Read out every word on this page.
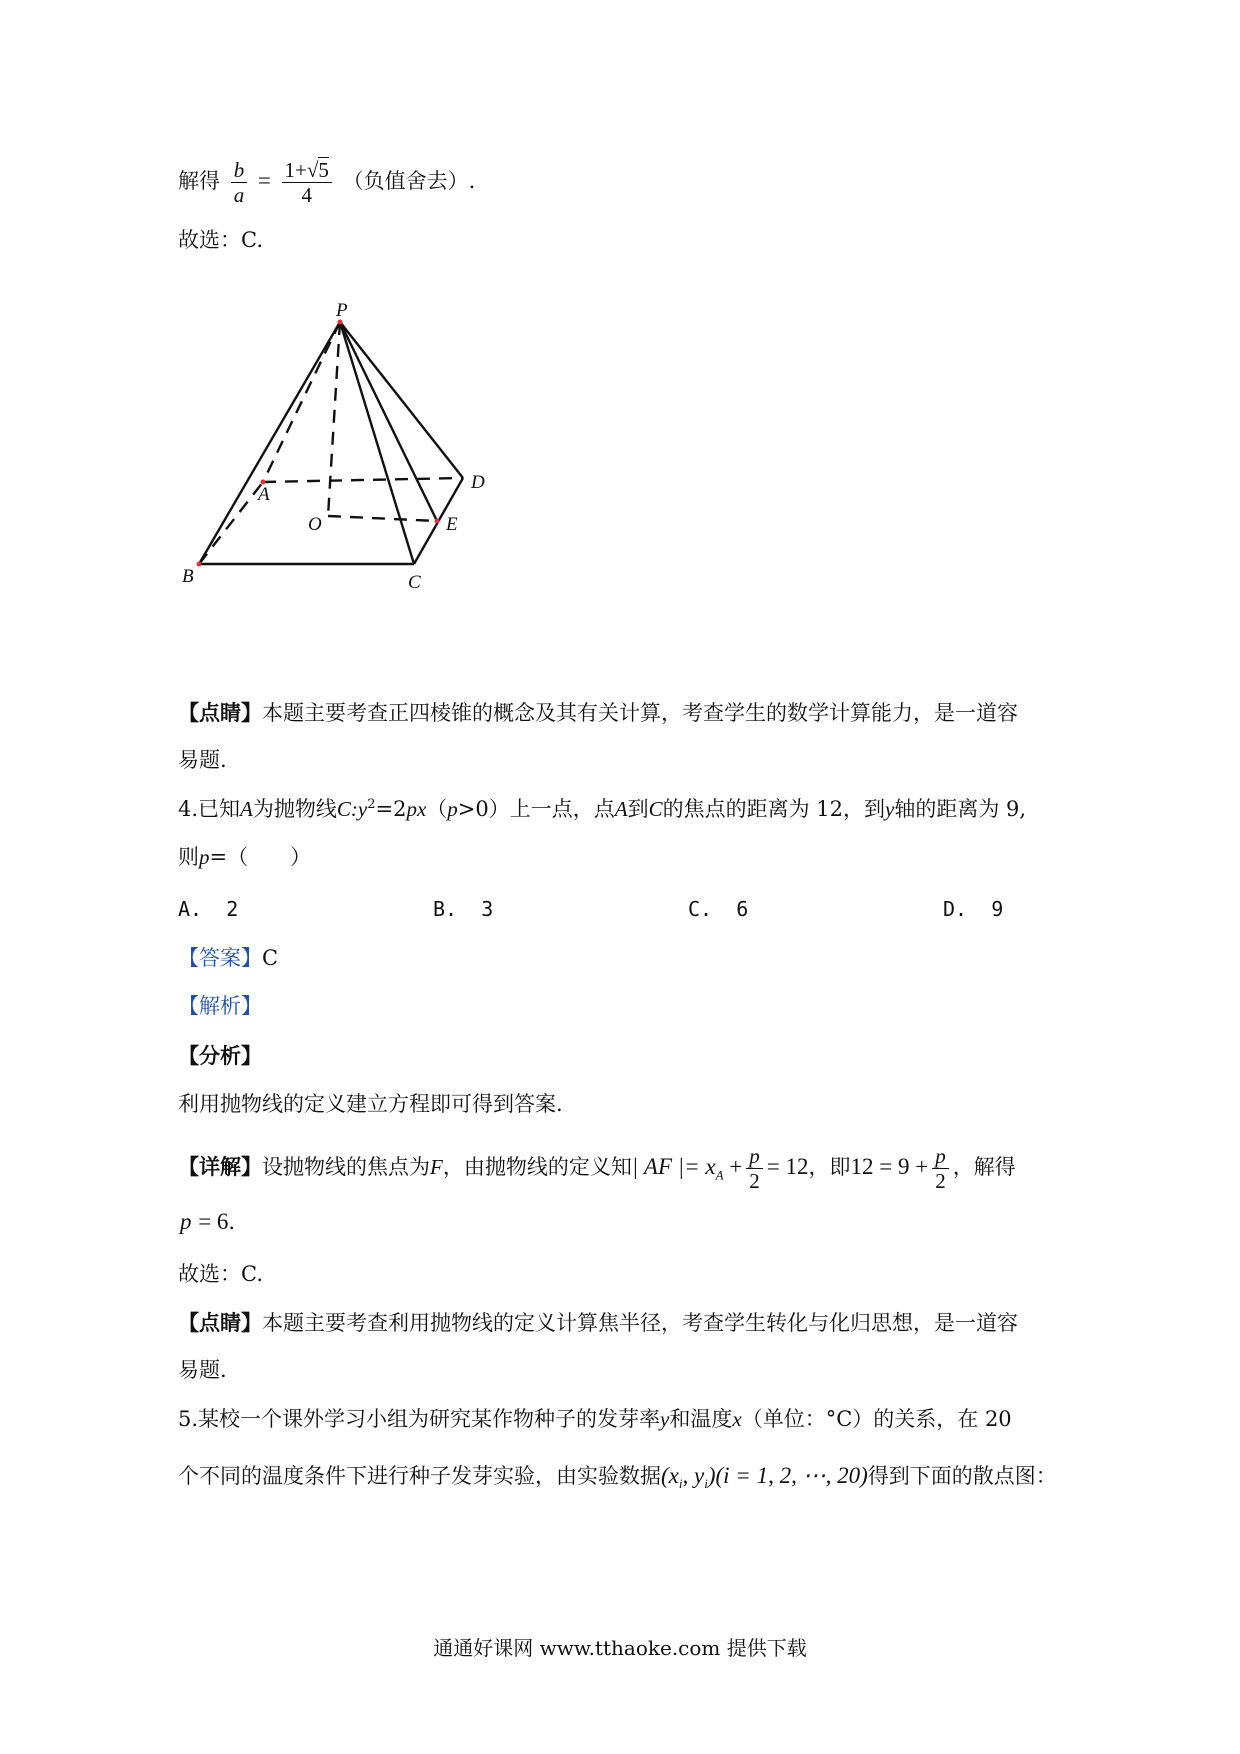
解得 $\frac{b}{a} = \frac{1+√5}{4}$ （负值舍去）.
故选：C.
P
A
D
O	E
B	C
【点睛】本题主要考查正四棱锥的概念及其有关计算，考查学生的数学计算能力，是一道容
易题.
4.已知A为抛物线$C:y^2=2px(p>0)$上一点，点A到C的焦点的距离为 12，到y轴的距离为 9,
则p=（　　）
A. 2	B. 3	C. 6	D. 9
【答案】C
【解析】
【分析】
利用抛物线的定义建立方程即可得到答案.
【详解】设抛物线的焦点为F，由抛物线的定义知| AF |= $x_A + \frac{p}{2} = 12$，即$12 = 9 + \frac{p}{2}$ ，解得
p = 6.
故选：C.
【点睛】本题主要考查利用抛物线的定义计算焦半径，考查学生转化与化归思想，是一道容
易题.
5.某校一个课外学习小组为研究某作物种子的发芽率y和温度x（单位：°C）的关系，在 20
个不同的温度条件下进行种子发芽实验，由实验数据($x_i$, $y_i)(i = 1$, 2, ⋯, 20)得到下面的散点图：
通通好课网 www.tthaoke.com 提供下载
